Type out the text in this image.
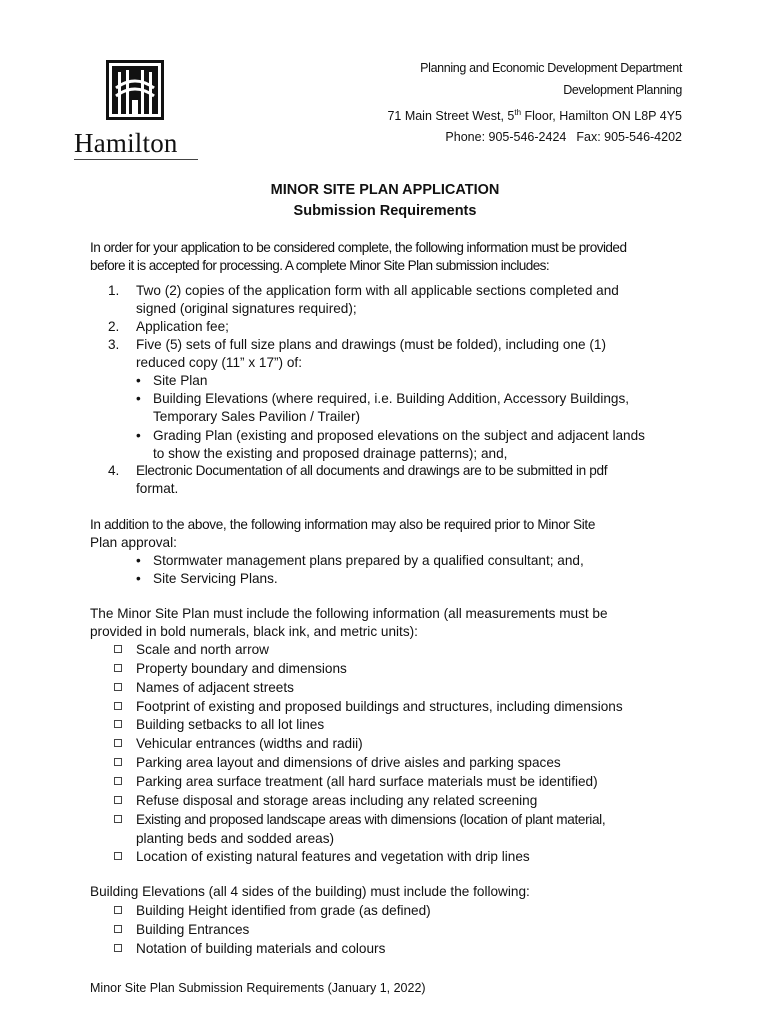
Hamilton
Planning and Economic Development Department
Development Planning
71 Main Street West, 5th Floor, Hamilton ON L8P 4Y5
Phone: 905-546-2424 Fax: 905-546-4202
MINOR SITE PLAN APPLICATION
Submission Requirements
In order for your application to be considered complete, the following information must be provided
before it is accepted for processing. A complete Minor Site Plan submission includes:
1. Two (2) copies of the application form with all applicable sections completed and
signed (original signatures required);
2. Application fee;
3. Five (5) sets of full size plans and drawings (must be folded), including one (1)
reduced copy (11” x 17”) of:
• Site Plan
• Building Elevations (where required, i.e. Building Addition, Accessory Buildings,
Temporary Sales Pavilion / Trailer)
• Grading Plan (existing and proposed elevations on the subject and adjacent lands
to show the existing and proposed drainage patterns); and,
4. Electronic Documentation of all documents and drawings are to be submitted in pdf
format.
In addition to the above, the following information may also be required prior to Minor Site
Plan approval:
• Stormwater management plans prepared by a qualified consultant; and,
• Site Servicing Plans.
The Minor Site Plan must include the following information (all measurements must be
provided in bold numerals, black ink, and metric units):
Scale and north arrow
Property boundary and dimensions
Names of adjacent streets
Footprint of existing and proposed buildings and structures, including dimensions
Building setbacks to all lot lines
Vehicular entrances (widths and radii)
Parking area layout and dimensions of drive aisles and parking spaces
Parking area surface treatment (all hard surface materials must be identified)
Refuse disposal and storage areas including any related screening
Existing and proposed landscape areas with dimensions (location of plant material,
planting beds and sodded areas)
Location of existing natural features and vegetation with drip lines
Building Elevations (all 4 sides of the building) must include the following:
Building Height identified from grade (as defined)
Building Entrances
Notation of building materials and colours
Minor Site Plan Submission Requirements (January 1, 2022)
